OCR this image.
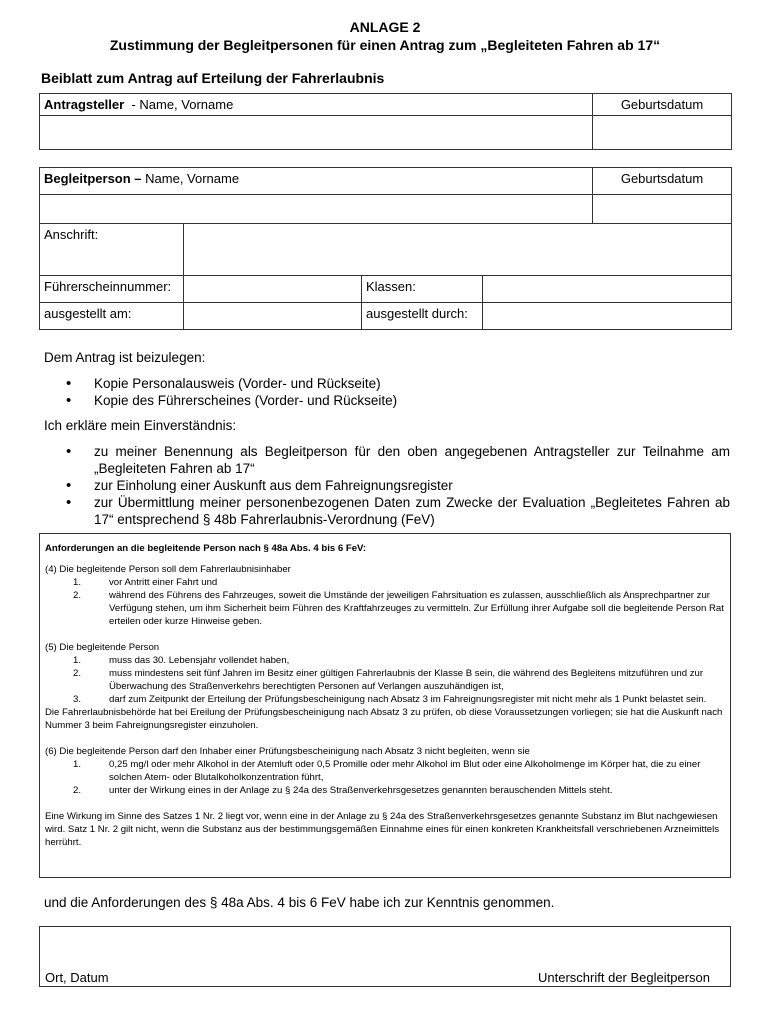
ANLAGE 2
Zustimmung der Begleitpersonen für einen Antrag zum „Begleiteten Fahren ab 17“
Beiblatt zum Antrag auf Erteilung der Fahrerlaubnis
Antragsteller  - Name, Vorname	Geburtsdatum

Begleitperson – Name, Vorname				Geburtsdatum

Anschrift:				
Führerscheinnummer:		Klassen:		
ausgestellt am:		ausgestellt durch:		
Dem Antrag ist beizulegen:
• Kopie Personalausweis (Vorder- und Rückseite)
• Kopie des Führerscheines (Vorder- und Rückseite)
Ich erkläre mein Einverständnis:
• zu meiner Benennung als Begleitperson für den oben angegebenen Antragsteller zur Teilnahme am „Begleiteten Fahren ab 17“
• zur Einholung einer Auskunft aus dem Fahreignungsregister
• zur Übermittlung meiner personenbezogenen Daten zum Zwecke der Evaluation „Begleitetes Fahren ab 17“ entsprechend § 48b Fahrerlaubnis-Verordnung (FeV)

Anforderungen an die begleitende Person nach § 48a Abs. 4 bis 6 FeV:

(4) Die begleitende Person soll dem Fahrerlaubnisinhaber

1.	vor Antritt einer Fahrt und
2.	während des Führens des Fahrzeuges, soweit die Umstände der jeweiligen Fahrsituation es zulassen, ausschließlich als Ansprechpartner zur Verfügung stehen, um ihm Sicherheit beim Führen des Kraftfahrzeuges zu vermitteln. Zur Erfüllung ihrer Aufgabe soll die begleitende Person Rat erteilen oder kurze Hinweise geben.

(5) Die begleitende Person

1.	muss das 30. Lebensjahr vollendet haben,
2.	muss mindestens seit fünf Jahren im Besitz einer gültigen Fahrerlaubnis der Klasse B sein, die während des Begleitens mitzuführen und zur Überwachung des Straßenverkehrs berechtigten Personen auf Verlangen auszuhändigen ist,
3.	darf zum Zeitpunkt der Erteilung der Prüfungsbescheinigung nach Absatz 3 im Fahreignungsregister mit nicht mehr als 1 Punkt belastet sein.

Die Fahrerlaubnisbehörde hat bei Ereilung der Prüfungsbescheinigung nach Absatz 3 zu prüfen, ob diese Voraussetzungen vorliegen; sie hat die Auskunft nach Nummer 3 beim Fahreignungsregister einzuholen.

(6) Die begleitende Person darf den Inhaber einer Prüfungsbescheinigung nach Absatz 3 nicht begleiten, wenn sie

1.	0,25 mg/l oder mehr Alkohol in der Atemluft oder 0,5 Promille oder mehr Alkohol im Blut oder eine Alkoholmenge im Körper hat, die zu einer solchen Atem- oder Blutalkoholkonzentration führt,
2.	unter der Wirkung eines in der Anlage zu § 24a des Straßenverkehrsgesetzes genannten berauschenden Mittels steht.

Eine Wirkung im Sinne des Satzes 1 Nr. 2 liegt vor, wenn eine in der Anlage zu § 24a des Straßenverkehrsgesetzes genannte Substanz im Blut nachgewiesen wird. Satz 1 Nr. 2 gilt nicht, wenn die Substanz aus der bestimmungsgemäßen Einnahme eines für einen konkreten Krankheitsfall verschriebenen Arzneimittels herrührt.

und die Anforderungen des § 48a Abs. 4 bis 6 FeV habe ich zur Kenntnis genommen.
Ort, Datum	Unterschrift der Begleitperson
